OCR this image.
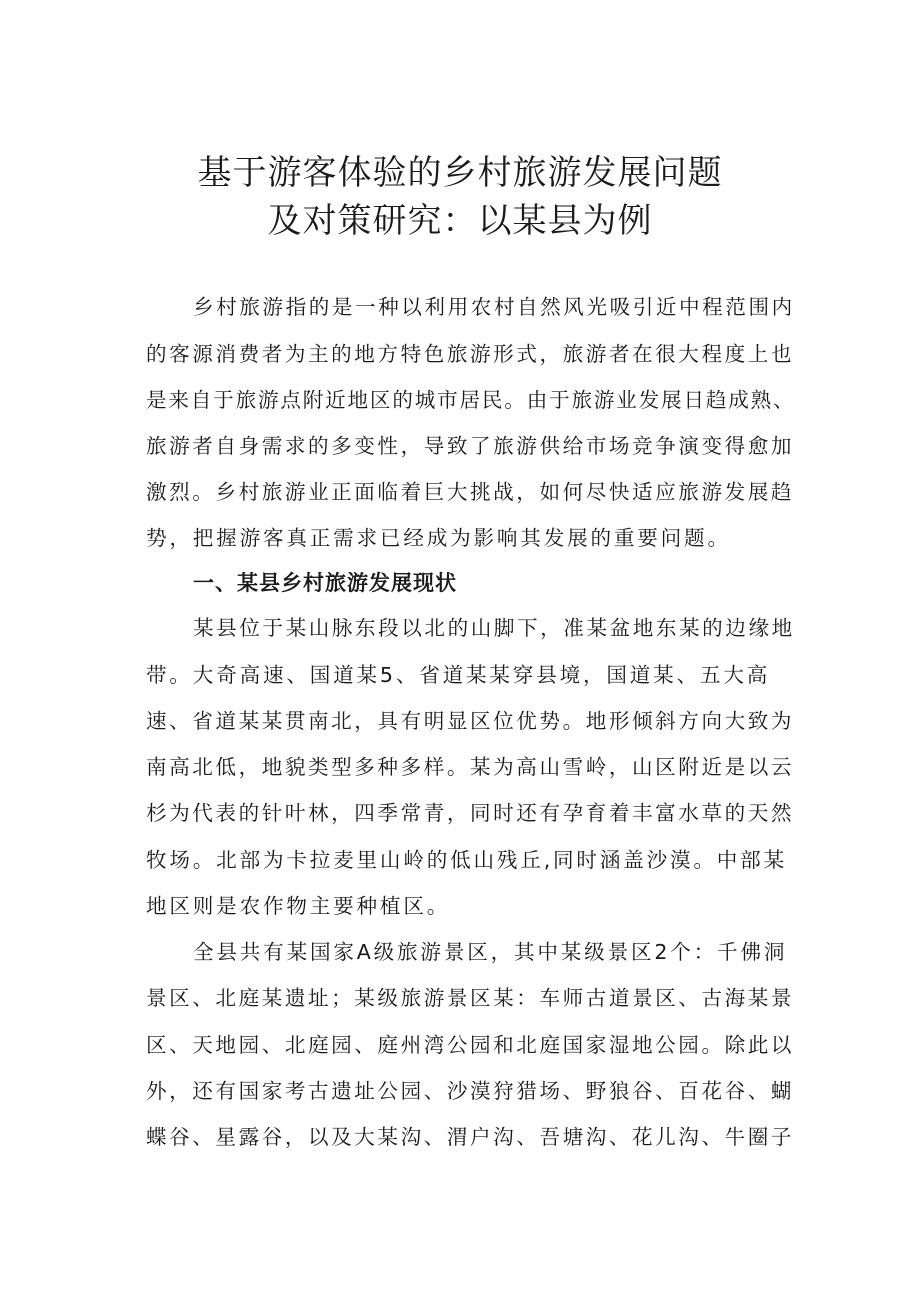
基于游客体验的乡村旅游发展问题
及对策研究：以某县为例
乡村旅游指的是一种以利用农村自然风光吸引近中程范围内
的客源消费者为主的地方特色旅游形式，旅游者在很大程度上也
是来自于旅游点附近地区的城市居民。由于旅游业发展日趋成熟、
旅游者自身需求的多变性，导致了旅游供给市场竞争演变得愈加
激烈。乡村旅游业正面临着巨大挑战，如何尽快适应旅游发展趋
势，把握游客真正需求已经成为影响其发展的重要问题。
一、某县乡村旅游发展现状
某县位于某山脉东段以北的山脚下，准某盆地东某的边缘地
带。大奇高速、国道某5、省道某某穿县境，国道某、五大高
速、省道某某贯南北，具有明显区位优势。地形倾斜方向大致为
南高北低，地貌类型多种多样。某为高山雪岭，山区附近是以云
杉为代表的针叶林，四季常青，同时还有孕育着丰富水草的天然
牧场。北部为卡拉麦里山岭的低山残丘,同时涵盖沙漠。中部某
地区则是农作物主要种植区。
全县共有某国家A级旅游景区，其中某级景区2个：千佛洞
景区、北庭某遗址；某级旅游景区某：车师古道景区、古海某景
区、天地园、北庭园、庭州湾公园和北庭国家湿地公园。除此以
外，还有国家考古遗址公园、沙漠狩猎场、野狼谷、百花谷、蝴
蝶谷、星露谷，以及大某沟、渭户沟、吾塘沟、花儿沟、牛圈子
